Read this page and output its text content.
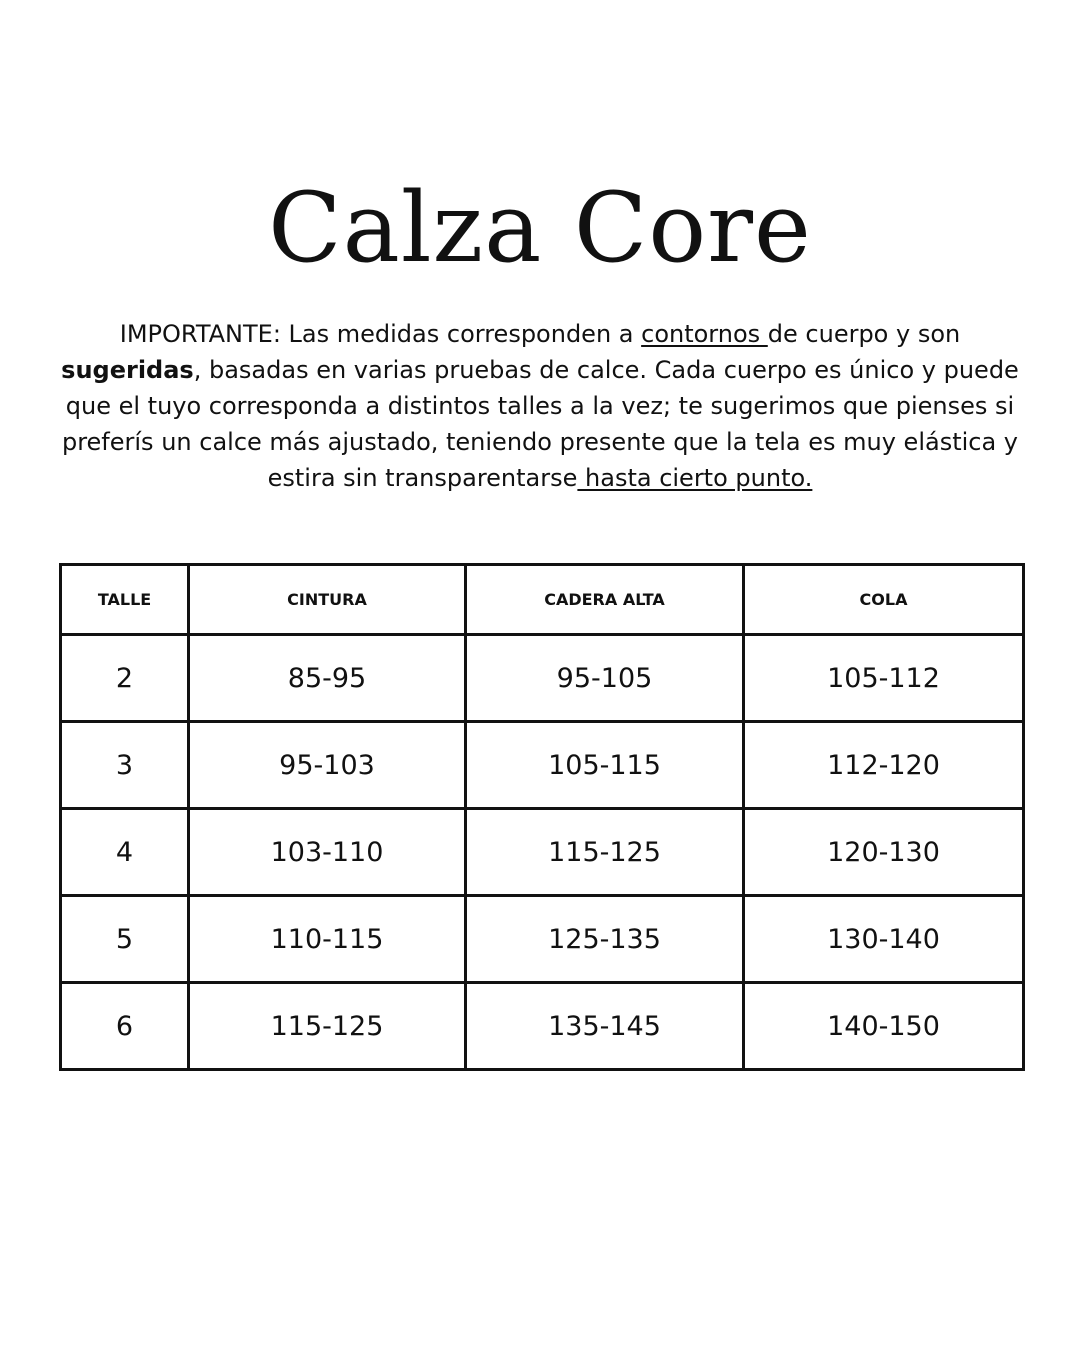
Calza Core

IMPORTANTE: Las medidas corresponden a contornos de cuerpo y son sugeridas, basadas en varias pruebas de calce. Cada cuerpo es único y puede que el tuyo corresponda a distintos talles a la vez; te sugerimos que pienses si preferís un calce más ajustado, teniendo presente que la tela es muy elástica y estira sin transparentarse hasta cierto punto.

TALLE	CINTURA	CADERA ALTA	COLA
2	85-95	95-105	105-112
3	95-103	105-115	112-120
4	103-110	115-125	120-130
5	110-115	125-135	130-140
6	115-125	135-145	140-150
